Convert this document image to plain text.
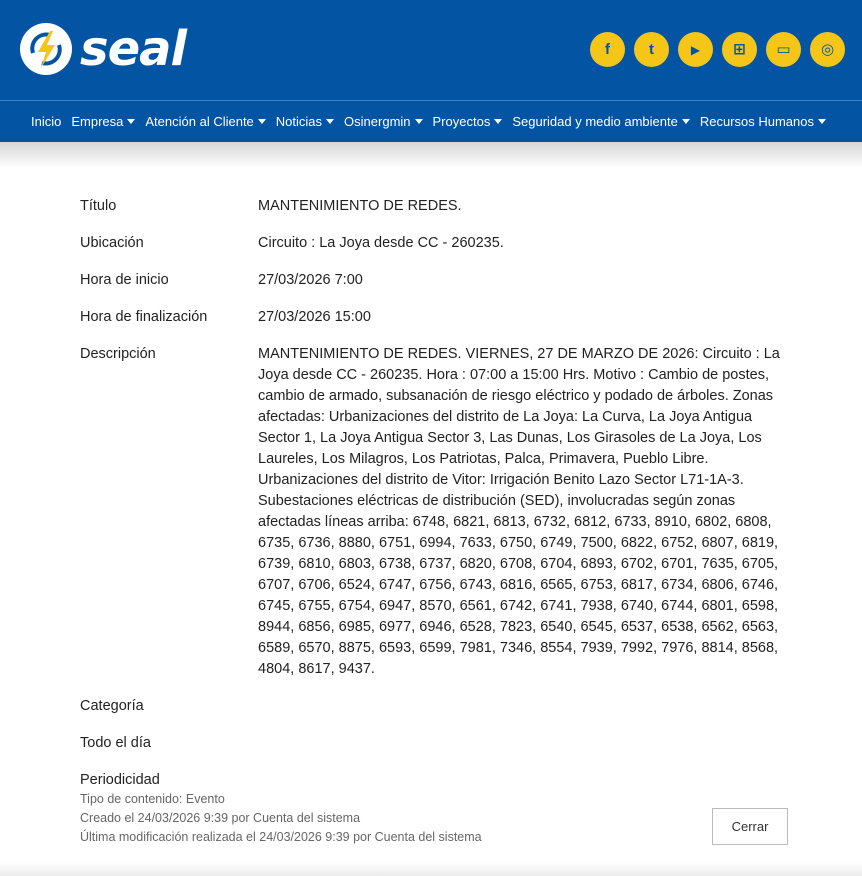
seal	f	t	▶ ⊞ ▭ ◎
Inicio Empresa Atención al Cliente Noticias Osinergmin Proyectos Seguridad y medio ambiente Recursos Humanos
Título	MANTENIMIENTO DE REDES.
Ubicación	Circuito : La Joya desde CC - 260235.
Hora de inicio	27/03/2026 7:00
Hora de finalización	27/03/2026 15:00
Descripción	MANTENIMIENTO DE REDES. VIERNES, 27 DE MARZO DE 2026: Circuito : La Joya desde CC - 260235. Hora : 07:00 a 15:00 Hrs. Motivo : Cambio de postes, cambio de armado, subsanación de riesgo eléctrico y podado de árboles. Zonas afectadas: Urbanizaciones del distrito de La Joya: La Curva, La Joya Antigua Sector 1, La Joya Antigua Sector 3, Las Dunas, Los Girasoles de La Joya, Los Laureles, Los Milagros, Los Patriotas, Palca, Primavera, Pueblo Libre. Urbanizaciones del distrito de Vitor: Irrigación Benito Lazo Sector L71-1A-3. Subestaciones eléctricas de distribución (SED), involucradas según zonas afectadas líneas arriba: 6748, 6821, 6813, 6732, 6812, 6733, 8910, 6802, 6808, 6735, 6736, 8880, 6751, 6994, 7633, 6750, 6749, 7500, 6822, 6752, 6807, 6819, 6739, 6810, 6803, 6738, 6737, 6820, 6708, 6704, 6893, 6702, 6701, 7635, 6705, 6707, 6706, 6524, 6747, 6756, 6743, 6816, 6565, 6753, 6817, 6734, 6806, 6746, 6745, 6755, 6754, 6947, 8570, 6561, 6742, 6741, 7938, 6740, 6744, 6801, 6598, 8944, 6856, 6985, 6977, 6946, 6528, 7823, 6540, 6545, 6537, 6538, 6562, 6563, 6589, 6570, 8875, 6593, 6599, 7981, 7346, 8554, 7939, 7992, 7976, 8814, 8568, 4804, 8617, 9437.
Categoría
Todo el día
Periodicidad
Tipo de contenido: Evento
Creado el 24/03/2026 9:39 por Cuenta del sistema
Última modificación realizada el 24/03/2026 9:39 por Cuenta del sistema
Cerrar
